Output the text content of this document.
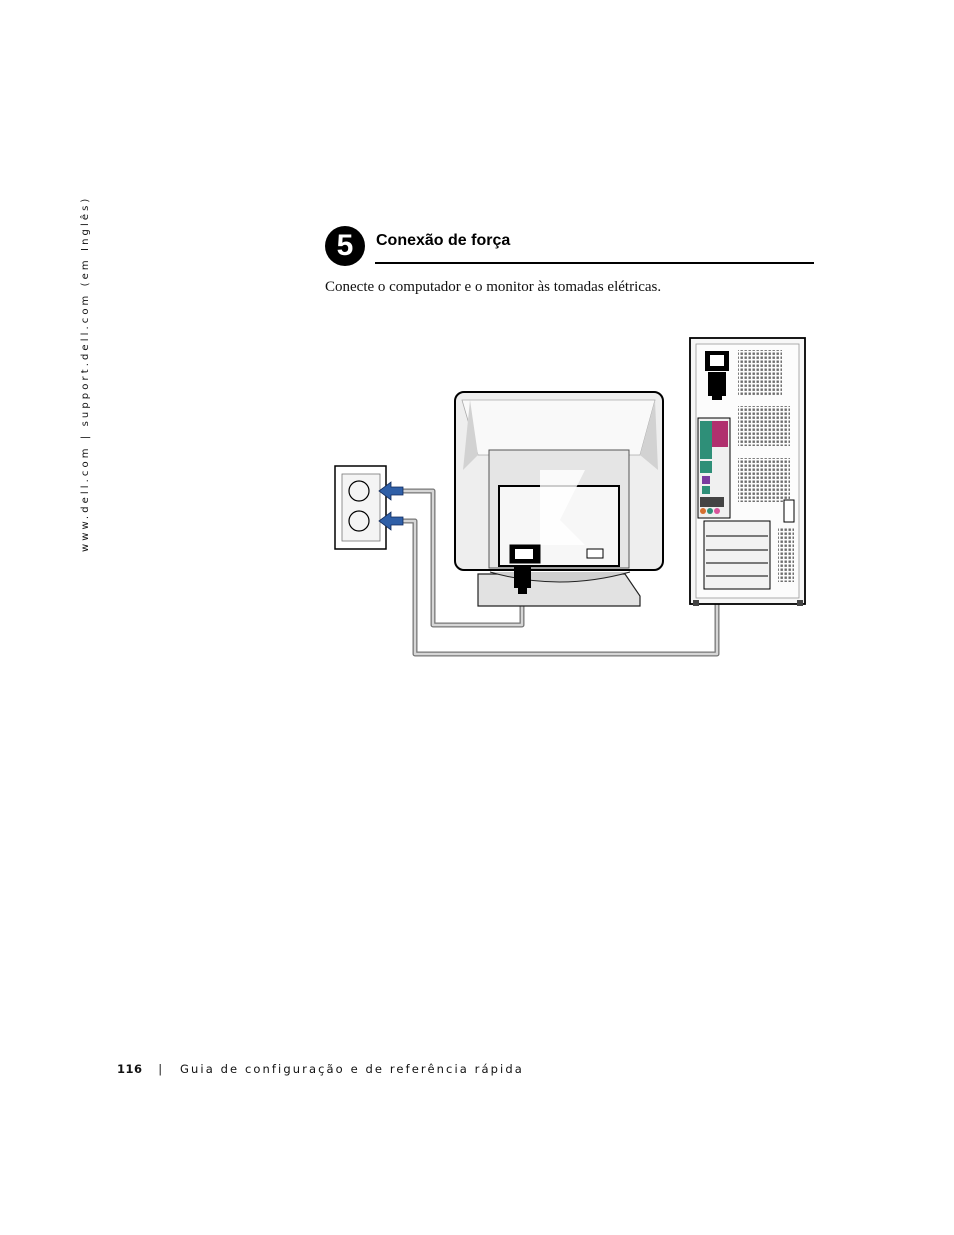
www.dell.com | support.dell.com (em Inglês)	5	Conexão de força
Conecte o computador e o monitor às tomadas elétricas.
116 | Guia de configuração e de referência rápida
